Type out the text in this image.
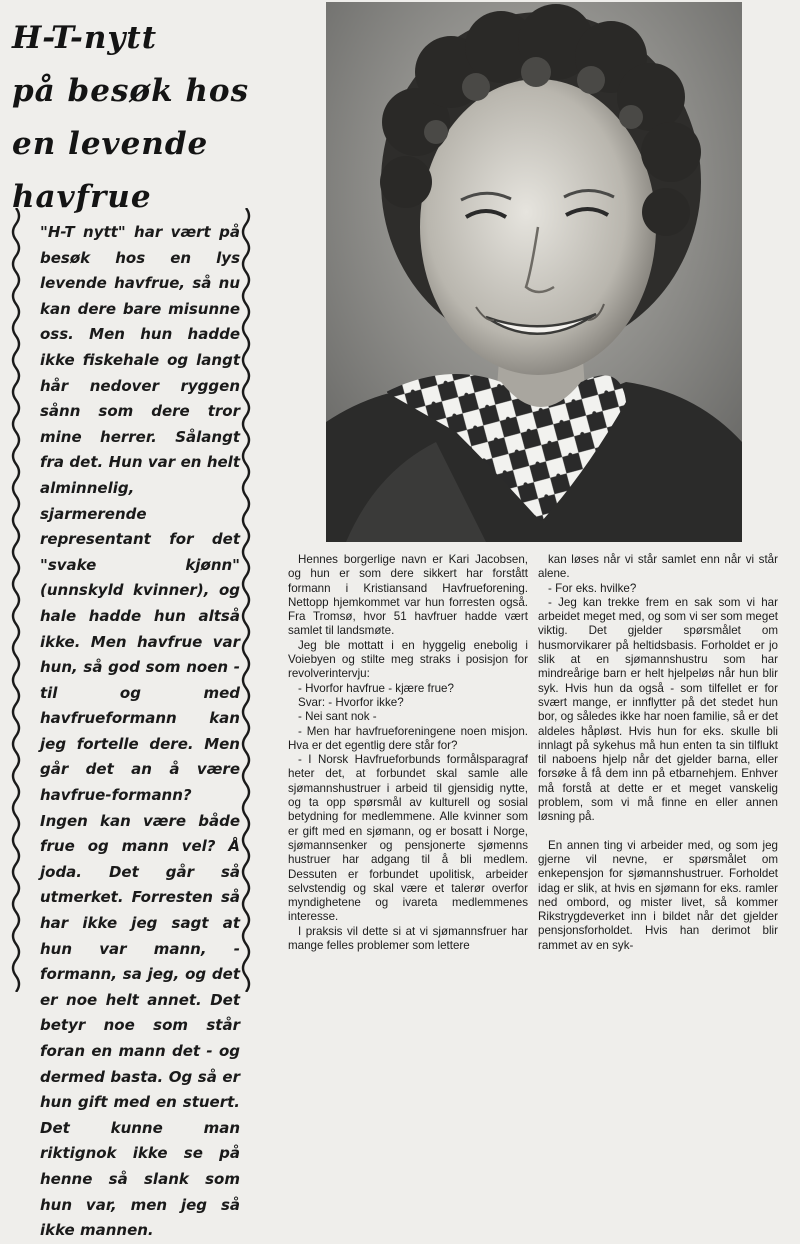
H-T-nytt
på besøk hos
en levende
havfrue

"H-T nytt" har vært på besøk hos en lys levende havfrue, så nu kan dere bare misunne oss. Men hun hadde ikke fiskehale og langt hår nedover ryggen sånn som dere tror mine herrer. Sålangt fra det. Hun var en helt alminnelig, sjarmerende representant for det "svake kjønn" (unnskyld kvinner), og hale hadde hun altså ikke. Men havfrue var hun, så god som noen - til og med havfrueformann kan jeg fortelle dere. Men går det an å være havfrue-formann? Ingen kan være både frue og mann vel? Å joda. Det går så utmerket. Forresten så har ikke jeg sagt at hun var mann, - formann, sa jeg, og det er noe helt annet. Det betyr noe som står foran en mann det - og dermed basta. Og så er hun gift med en stuert. Det kunne man riktignok ikke se på henne så slank som hun var, men jeg så ikke mannen.

Hennes borgerlige navn er Kari Jacobsen, og hun er som dere sikkert har forstått formann i Kristiansand Havfrueforening. Nettopp hjemkommet var hun forresten også. Fra Tromsø, hvor 51 havfruer hadde vært samlet til landsmøte.

Jeg ble mottatt i en hyggelig enebolig i Voiebyen og stilte meg straks i posisjon for revolverintervju:

- Hvorfor havfrue - kjære frue?

Svar: - Hvorfor ikke?

- Nei sant nok -

- Men har havfrueforeningene noen misjon. Hva er det egentlig dere står for?

- I Norsk Havfrueforbunds formålsparagraf heter det, at forbundet skal samle alle sjømannshustruer i arbeid til gjensidig nytte, og ta opp spørsmål av kulturell og sosial betydning for medlemmene. Alle kvinner som er gift med en sjømann, og er bosatt i Norge, sjømannsenker og pensjonerte sjømenns hustruer har adgang til å bli medlem. Dessuten er forbundet upolitisk, arbeider selvstendig og skal være et talerør overfor myndighetene og ivareta medlemmenes interesse.

I praksis vil dette si at vi sjømannsfruer har mange felles problemer som lettere

kan løses når vi står samlet enn når vi står alene.

- For eks. hvilke?

- Jeg kan trekke frem en sak som vi har arbeidet meget med, og som vi ser som meget viktig. Det gjelder spørsmålet om husmorvikarer på heltidsbasis. Forholdet er jo slik at en sjømannshustru som har mindreårige barn er helt hjelpeløs når hun blir syk. Hvis hun da også - som tilfellet er for svært mange, er innflytter på det stedet hun bor, og således ikke har noen familie, så er det aldeles håpløst. Hvis hun for eks. skulle bli innlagt på sykehus må hun enten ta sin tilflukt til naboens hjelp når det gjelder barna, eller forsøke å få dem inn på etbarnehjem. Enhver må forstå at dette er et meget vanskelig problem, som vi må finne en eller annen løsning på.

En annen ting vi arbeider med, og som jeg gjerne vil nevne, er spørsmålet om enkepensjon for sjømannshustruer. Forholdet idag er slik, at hvis en sjømann for eks. ramler ned ombord, og mister livet, så kommer Rikstrygdeverket inn i bildet når det gjelder pensjonsforholdet. Hvis han derimot blir rammet av en syk-
